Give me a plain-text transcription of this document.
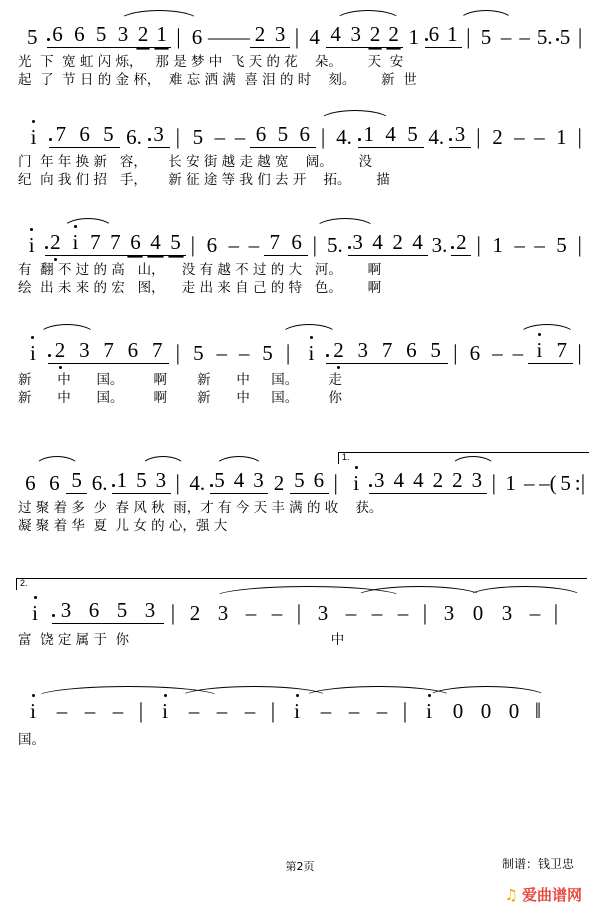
5 6 6 5 3 2 1 | 6 — — 2 3 | 4 4 3 2 2 1 6 1 | 5 – – 5. 5 |
光  下  宽 虹 闪 烁，   那 是 梦 中  飞 天 的 花    朵。      天  安
起  了  节 日 的 金 杯，  难 忘 洒 满  喜 泪 的 时    刻。      新  世
i 7 6 5 6. 3 | 5 – – 6 5 6 | 4. 1 4 5 4. 3 | 2 – – 1 |
门  年 年 换 新   容，     长 安 街 越 走 越 宽    阔。      没
纪  向 我 们 招   手，     新 征 途 等 我 们 去 开    拓。      描
i 2 i 7 7 6 4 5 | 6 – – 7 6 | 5. 3 4 2 4 3. 2 | 1 – – 5 |
有  翻 不 过 的 高   山，    没 有 越 不 过 的 大   河。      啊
绘  出 未 来 的 宏   图，    走 出 来 自 己 的 特   色。      啊
i 2 3 7 6 7 | 5 – – 5 | i 2 3 7 6 5 | 6 – – i 7 |
新      中      国。       啊       新      中     国。       走
新      中      国。       啊       新      中     国。       你
1.
6 6 5 6. 1 5 3 | 4. 5 4 3 2 5 6 | i 3 4 4 2 2 3 | 1 – –( 5 :|
过 聚 着 多  少  春 风 秋  雨，才 有 今 天 丰 满 的 收    获。
凝 聚 着 华  夏  儿 女 的 心，强 大
2.
i	3 6 5 3 | 2 3 – – | 3 – – – | 3 0 3 – |
富  饶 定 属 于  你                                               中
i – – – | i – – – | i – – – | i 0 0 0 ‖
国。
第2页	制谱：钱卫忠
♫ 爱曲谱网
